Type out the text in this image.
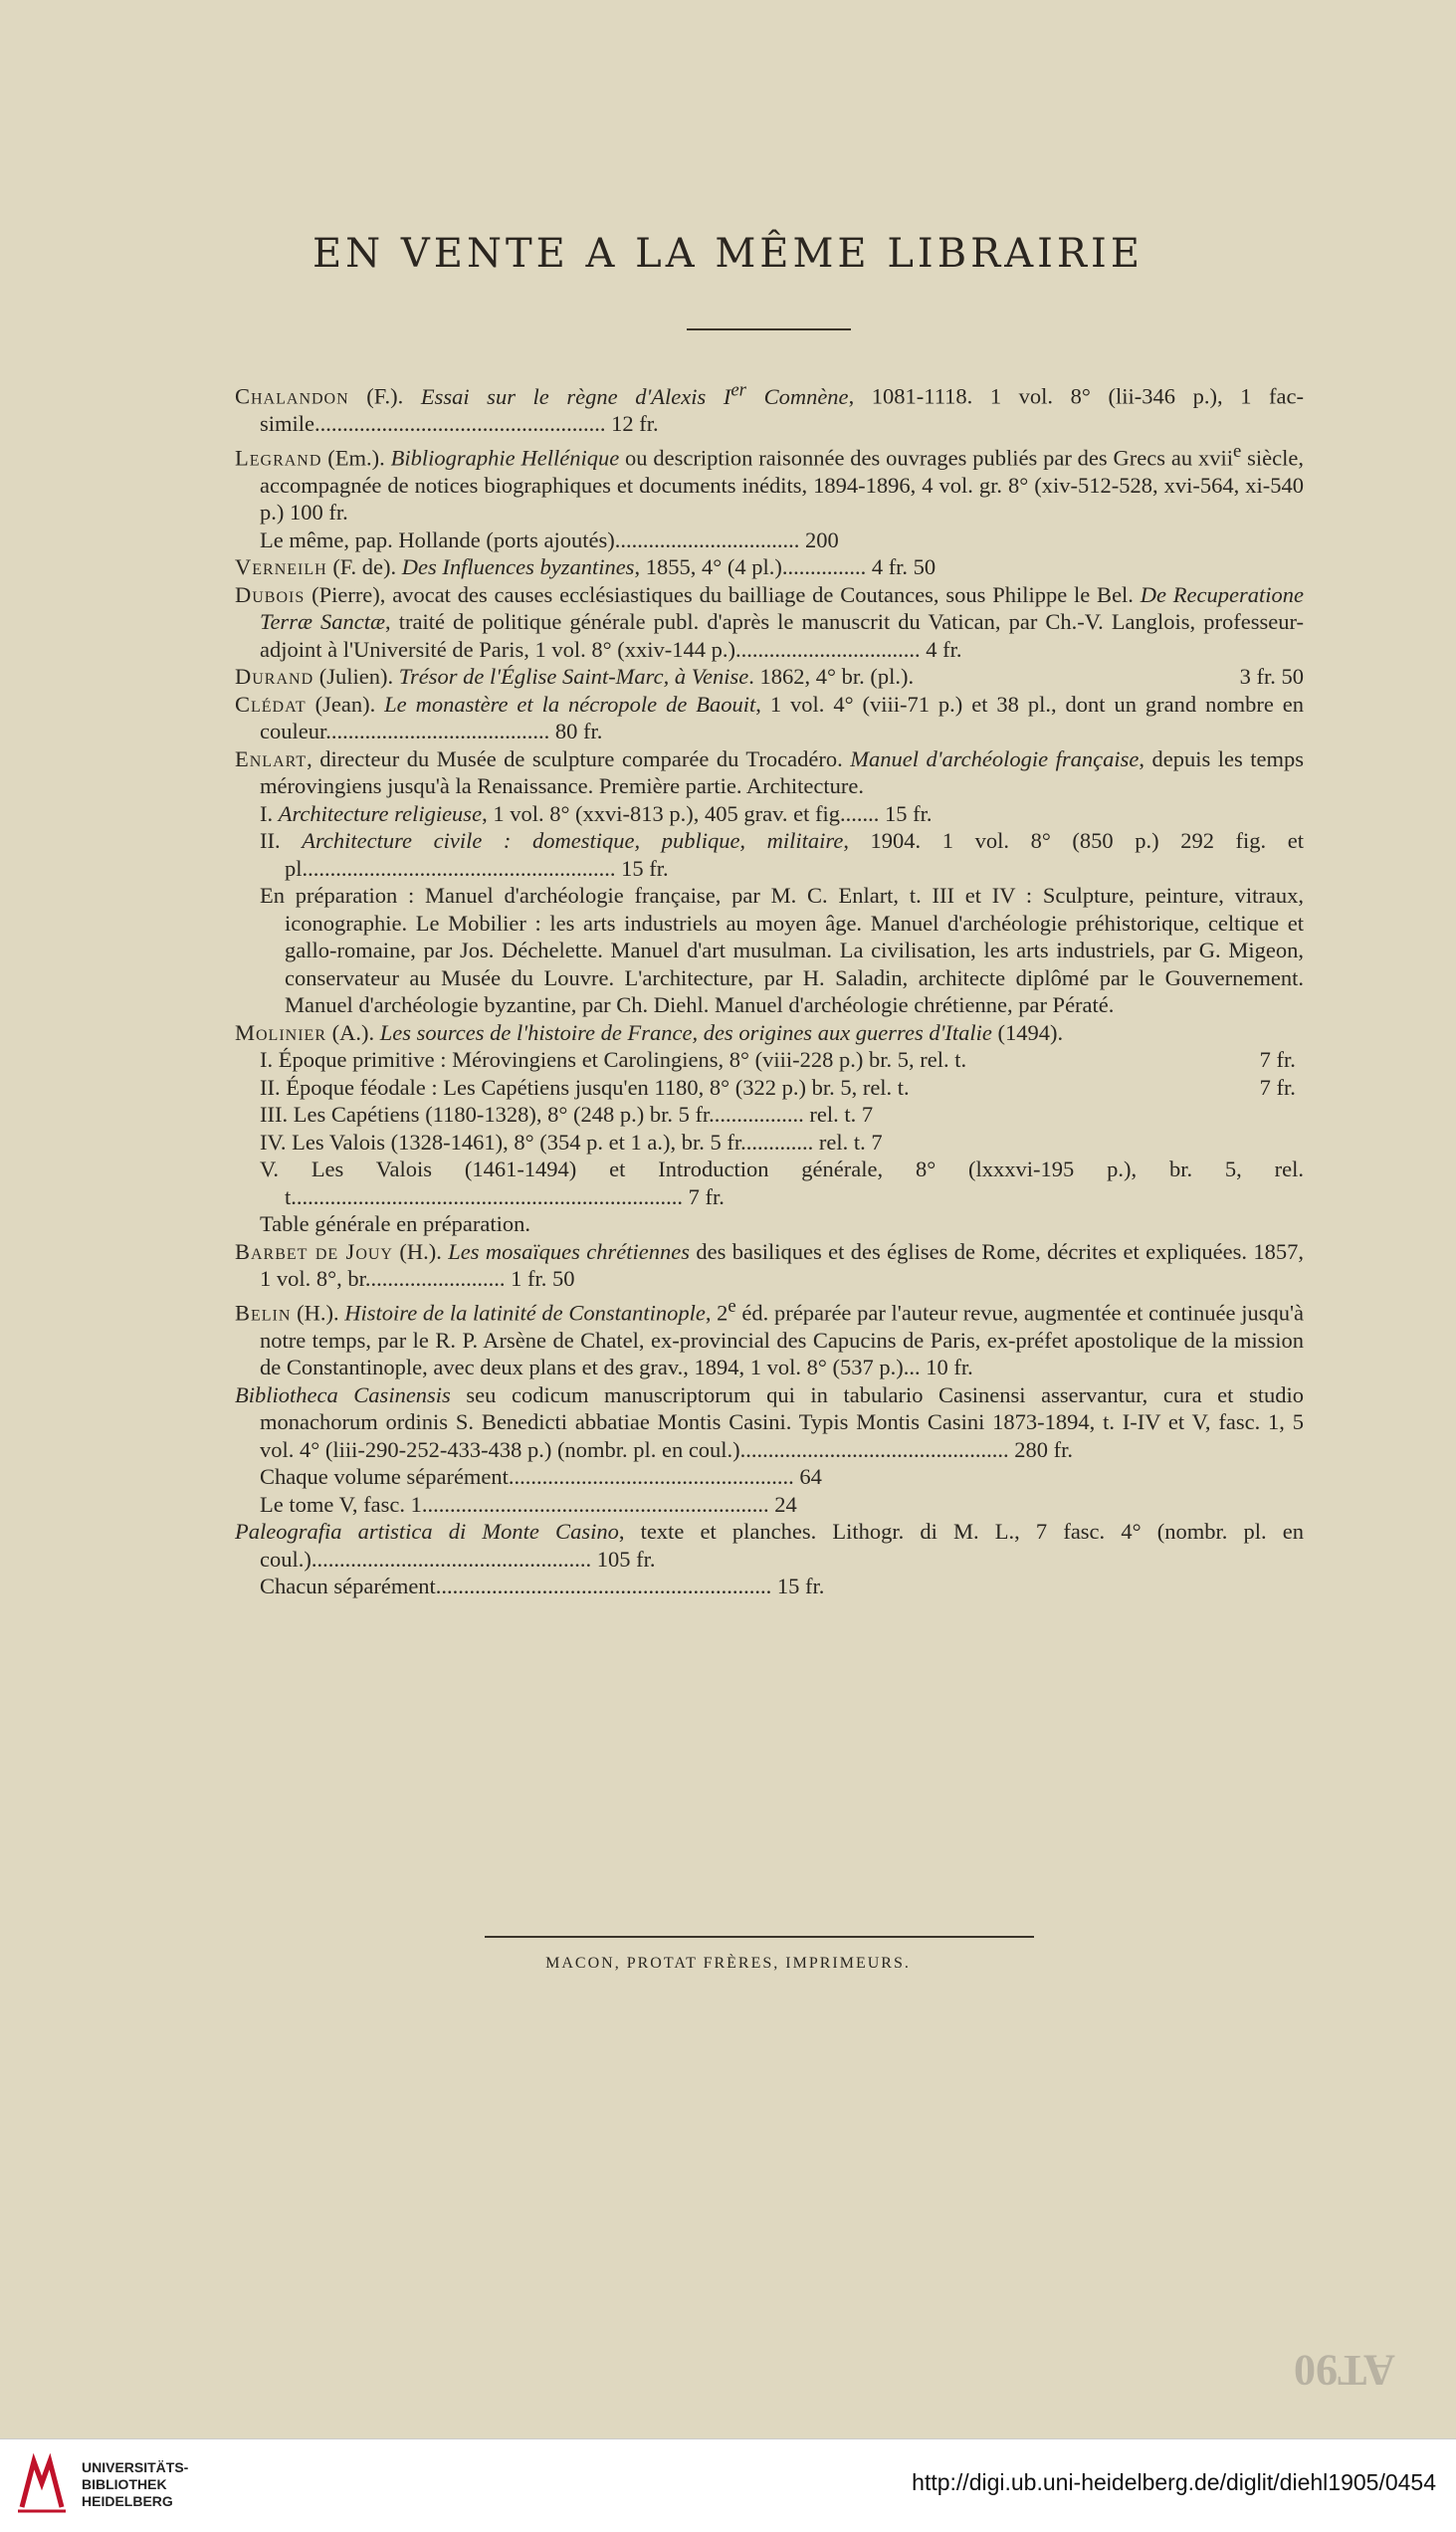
EN VENTE A LA MÊME LIBRAIRIE

Chalandon (F.). Essai sur le règne d'Alexis Ier Comnène, 1081-1118. 1 vol. 8° (lii-346 p.), 1 fac-simile.................................................... 12 fr.

Legrand (Em.). Bibliographie Hellénique ou description raisonnée des ouvrages publiés par des Grecs au xvii$^e$ siècle, accompagnée de notices biographiques et documents inédits, 1894-1896, 4 vol. gr. 8° (xiv-512-528, xvi-564, xi-540 p.) 100 fr.

Le même, pap. Hollande (ports ajoutés)................................. 200

Verneilh (F. de). Des Influences byzantines, 1855, 4° (4 pl.)............... 4 fr. 50

Dubois (Pierre), avocat des causes ecclésiastiques du bailliage de Coutances, sous Philippe le Bel. De Recuperatione Terræ Sanctæ, traité de politique générale publ. d'après le manuscrit du Vatican, par Ch.-V. Langlois, professeur-adjoint à l'Université de Paris, 1 vol. 8° (xxiv-144 p.)................................. 4 fr.

Durand (Julien). Trésor de l'Église Saint-Marc, à Venise. 1862, 4° br. (pl.).	3 fr. 50

Clédat (Jean). Le monastère et la nécropole de Baouit, 1 vol. 4° (viii-71 p.) et 38 pl., dont un grand nombre en couleur........................................ 80 fr.

Enlart, directeur du Musée de sculpture comparée du Trocadéro. Manuel d'archéologie française, depuis les temps mérovingiens jusqu'à la Renaissance. Première partie. Architecture.

I. Architecture religieuse, 1 vol. 8° (xxvi-813 p.), 405 grav. et fig....... 15 fr.

II. Architecture civile : domestique, publique, militaire, 1904. 1 vol. 8° (850 p.) 292 fig. et pl........................................................ 15 fr.

En préparation : Manuel d'archéologie française, par M. C. Enlart, t. III et IV : Sculpture, peinture, vitraux, iconographie. Le Mobilier : les arts industriels au moyen âge. Manuel d'archéologie préhistorique, celtique et gallo-romaine, par Jos. Déchelette. Manuel d'art musulman. La civilisation, les arts industriels, par G. Migeon, conservateur au Musée du Louvre. L'architecture, par H. Saladin, architecte diplômé par le Gouvernement. Manuel d'archéologie byzantine, par Ch. Diehl. Manuel d'archéologie chrétienne, par Pératé.

Molinier (A.). Les sources de l'histoire de France, des origines aux guerres d'Italie (1494).

I. Époque primitive : Mérovingiens et Carolingiens, 8° (viii-228 p.) br. 5, rel. t.	7 fr.

II. Époque féodale : Les Capétiens jusqu'en 1180, 8° (322 p.) br. 5, rel. t.	7 fr.

III. Les Capétiens (1180-1328), 8° (248 p.) br. 5 fr................. rel. t. 7

IV. Les Valois (1328-1461), 8° (354 p. et 1 a.), br. 5 fr............. rel. t. 7

V. Les Valois (1461-1494) et Introduction générale, 8° (lxxxvi-195 p.), br. 5, rel. t...................................................................... 7 fr.

Table générale en préparation.

Barbet de Jouy (H.). Les mosaïques chrétiennes des basiliques et des églises de Rome, décrites et expliquées. 1857, 1 vol. 8°, br......................... 1 fr. 50

Belin (H.). Histoire de la latinité de Constantinople, 2e éd. préparée par l'auteur revue, augmentée et continuée jusqu'à notre temps, par le R. P. Arsène de Chatel, ex-provincial des Capucins de Paris, ex-préfet apostolique de la mission de Constantinople, avec deux plans et des grav., 1894, 1 vol. 8° (537 p.)... 10 fr.

Bibliotheca Casinensis seu codicum manuscriptorum qui in tabulario Casinensi asservantur, cura et studio monachorum ordinis S. Benedicti abbatiae Montis Casini. Typis Montis Casini 1873-1894, t. I-IV et V, fasc. 1, 5 vol. 4° (liii-290-252-433-438 p.) (nombr. pl. en coul.)................................................ 280 fr.

Chaque volume séparément................................................... 64

Le tome V, fasc. 1.............................................................. 24

Paleografia artistica di Monte Casino, texte et planches. Lithogr. di M. L., 7 fasc. 4° (nombr. pl. en coul.).................................................. 105 fr.

Chacun séparément............................................................ 15 fr.

MACON, PROTAT FRÈRES, IMPRIMEURS.
AT90
UNIVERSITÄTS-
BIBLIOTHEK
HEIDELBERG
http://digi.ub.uni-heidelberg.de/diglit/diehl1905/0454
